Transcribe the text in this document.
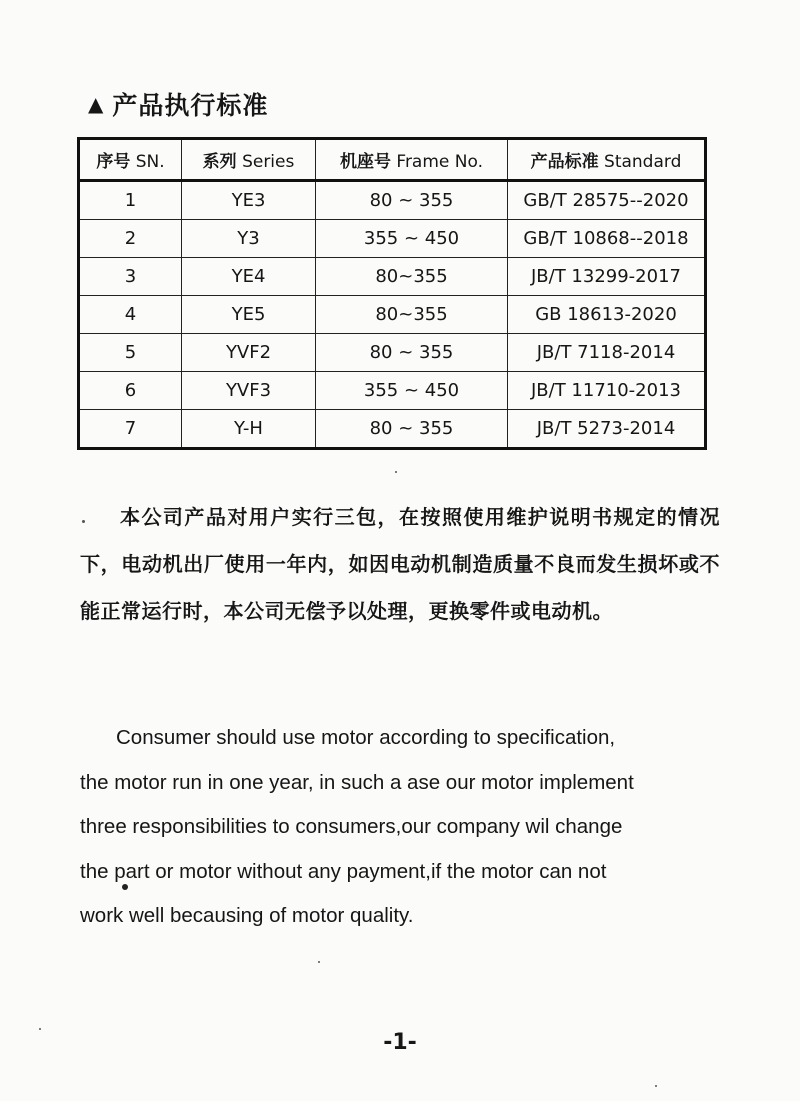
▲ 产品执行标准
序号 SN.	系列 Series	机座号 Frame No.	产品标准 Standard
1	YE3	80 ~ 355	GB/T 28575--2020
2	Y3	355 ~ 450	GB/T 10868--2018
3	YE4	80~355	JB/T 13299-2017
4	YE5	80~355	GB 18613-2020
5	YVF2	80 ~ 355	JB/T 7118-2014
6	YVF3	355 ~ 450	JB/T 11710-2013
7	Y-H	80 ~ 355	JB/T 5273-2014
本公司产品对用户实行三包，在按照使用维护说明书规定的情况下，电动机出厂使用一年内，如因电动机制造质量不良而发生损坏或不能正常运行时，本公司无偿予以处理，更换零件或电动机。
Consumer should use motor according to specification,
the motor run in one year, in such a ase our motor implement
three responsibilities to consumers,our company wil change
the part or motor without any payment,if the motor can not
work well becausing of motor quality.
-1-
